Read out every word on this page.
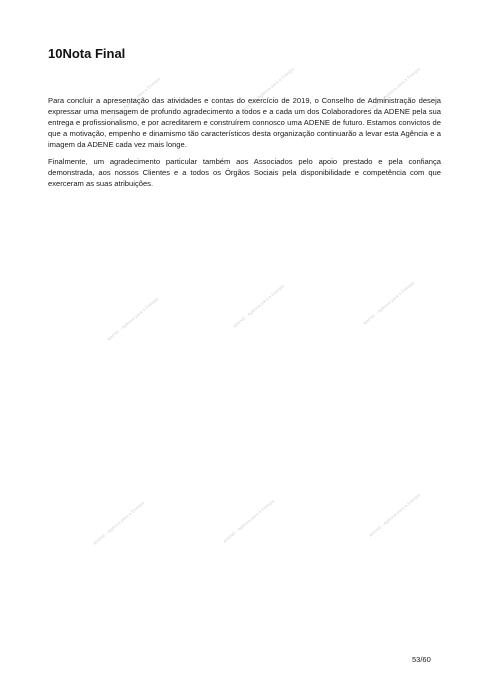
ADENE - Agência para a Energia	ADENE - Agência para a Energia	ADENE - Agência para a Energia
ADENE - Agência para a Energia	ADENE - Agência para a Energia	ADENE - Agência para a Energia
ADENE - Agência para a Energia	ADENE - Agência para a Energia	ADENE - Agência para a Energia
10Nota Final

Para concluir a apresentação das atividades e contas do exercício de 2019, o Conselho de Administração deseja expressar uma mensagem de profundo agradecimento a todos e a cada um dos Colaboradores da ADENE pela sua entrega e profissionalismo, e por acreditarem e construírem connosco uma ADENE de futuro. Estamos convictos de que a motivação, empenho e dinamismo tão característicos desta organização continuarão a levar esta Agência e a imagem da ADENE cada vez mais longe.

Finalmente, um agradecimento particular também aos Associados pelo apoio prestado e pela confiança demonstrada, aos nossos Clientes e a todos os Órgãos Sociais pela disponibilidade e competência com que exerceram as suas atribuições.

53/60
